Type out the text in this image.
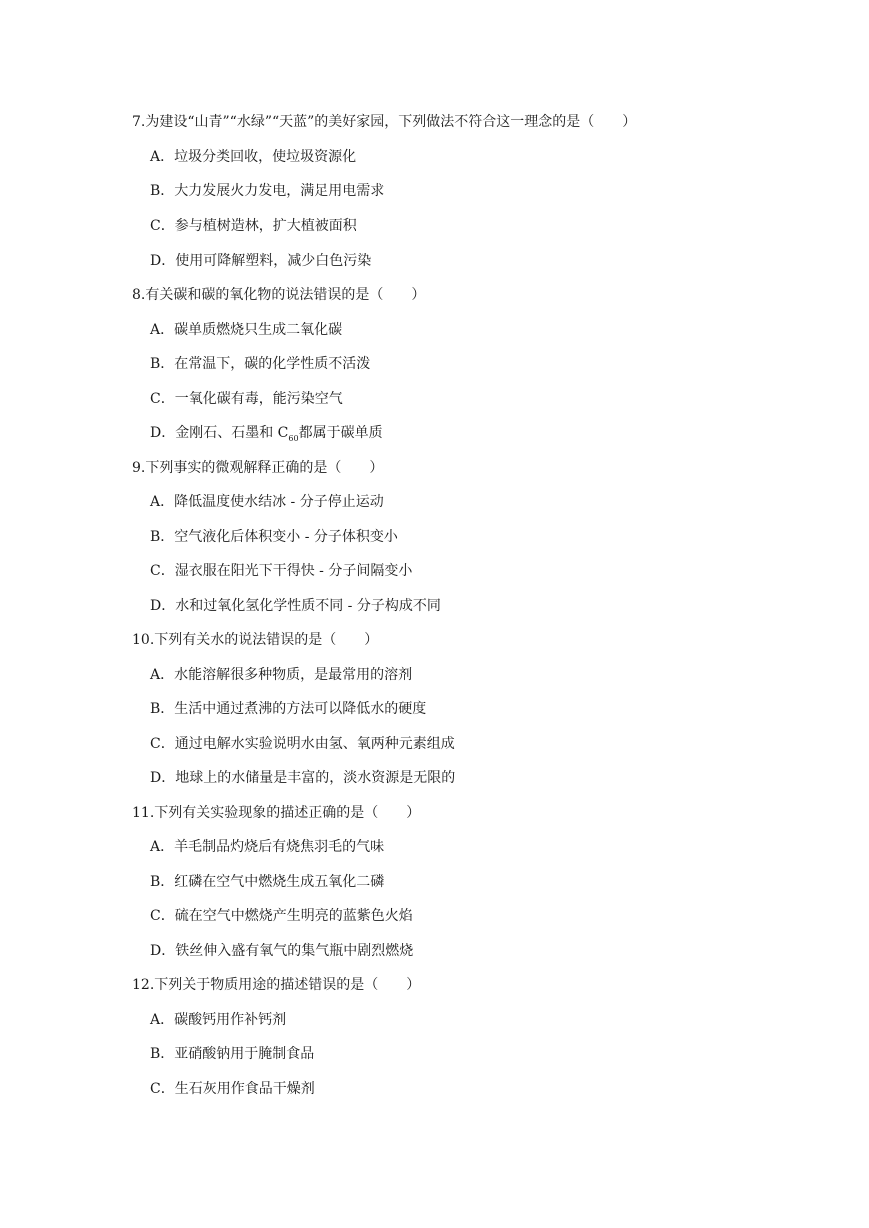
7.为建设“山青”“水绿”“天蓝”的美好家园，下列做法不符合这一理念的是（　　）
A．垃圾分类回收，使垃圾资源化
B．大力发展火力发电，满足用电需求
C．参与植树造林，扩大植被面积
D．使用可降解塑料，减少白色污染
8.有关碳和碳的氧化物的说法错误的是（　　）
A．碳单质燃烧只生成二氧化碳
B．在常温下，碳的化学性质不活泼
C．一氧化碳有毒，能污染空气
D．金刚石、石墨和 $C_{60}$都属于碳单质
9.下列事实的微观解释正确的是（　　）
A．降低温度使水结冰 - 分子停止运动
B．空气液化后体积变小 - 分子体积变小
C．湿衣服在阳光下干得快 - 分子间隔变小
D．水和过氧化氢化学性质不同 - 分子构成不同
10.下列有关水的说法错误的是（　　）
A．水能溶解很多种物质，是最常用的溶剂
B．生活中通过煮沸的方法可以降低水的硬度
C．通过电解水实验说明水由氢、氧两种元素组成
D．地球上的水储量是丰富的，淡水资源是无限的
11.下列有关实验现象的描述正确的是（　　）
A．羊毛制品灼烧后有烧焦羽毛的气味
B．红磷在空气中燃烧生成五氧化二磷
C．硫在空气中燃烧产生明亮的蓝紫色火焰
D．铁丝伸入盛有氧气的集气瓶中剧烈燃烧
12.下列关于物质用途的描述错误的是（　　）
A．碳酸钙用作补钙剂
B．亚硝酸钠用于腌制食品
C．生石灰用作食品干燥剂
